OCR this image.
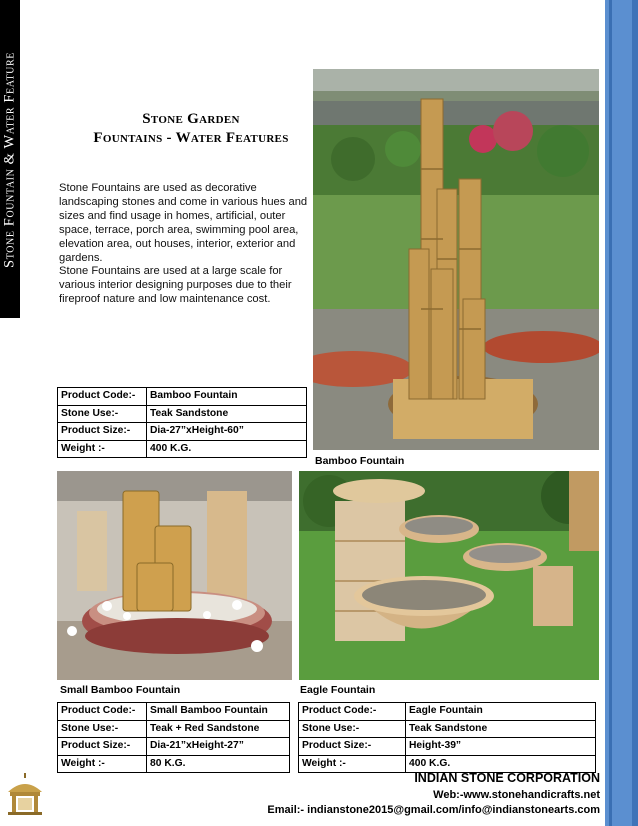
Stone Fountain & Water Feature	Stone Garden
Fountains - Water Features

Stone Fountains are used as decorative landscaping stones and come in various hues and sizes and find usage in homes, artificial, outer space, terrace, porch area, swimming pool area, elevation area, out houses, interior, exterior and gardens.

Stone Fountains are used at a large scale for various interior designing purposes due to their fireproof nature and low maintenance cost.

Bamboo Fountain
Product Code:-	Bamboo Fountain
Stone Use:-	Teak Sandstone
Product Size:-	Dia-27”xHeight-60”
Weight :-	400 K.G.
Small Bamboo Fountain	Eagle Fountain
Product Code:-	Small Bamboo Fountain
Stone Use:-	Teak + Red Sandstone
Product Size:-	Dia-21”xHeight-27”
Weight :-	80 K.G.
Product Code:-	Eagle Fountain
Stone Use:-	Teak Sandstone
Product Size:-	Height-39”
Weight :-	400 K.G.
INDIAN STONE CORPORATION
Web:-www.stonehandicrafts.net
Email:- indianstone2015@gmail.com/info@indianstonearts.com
